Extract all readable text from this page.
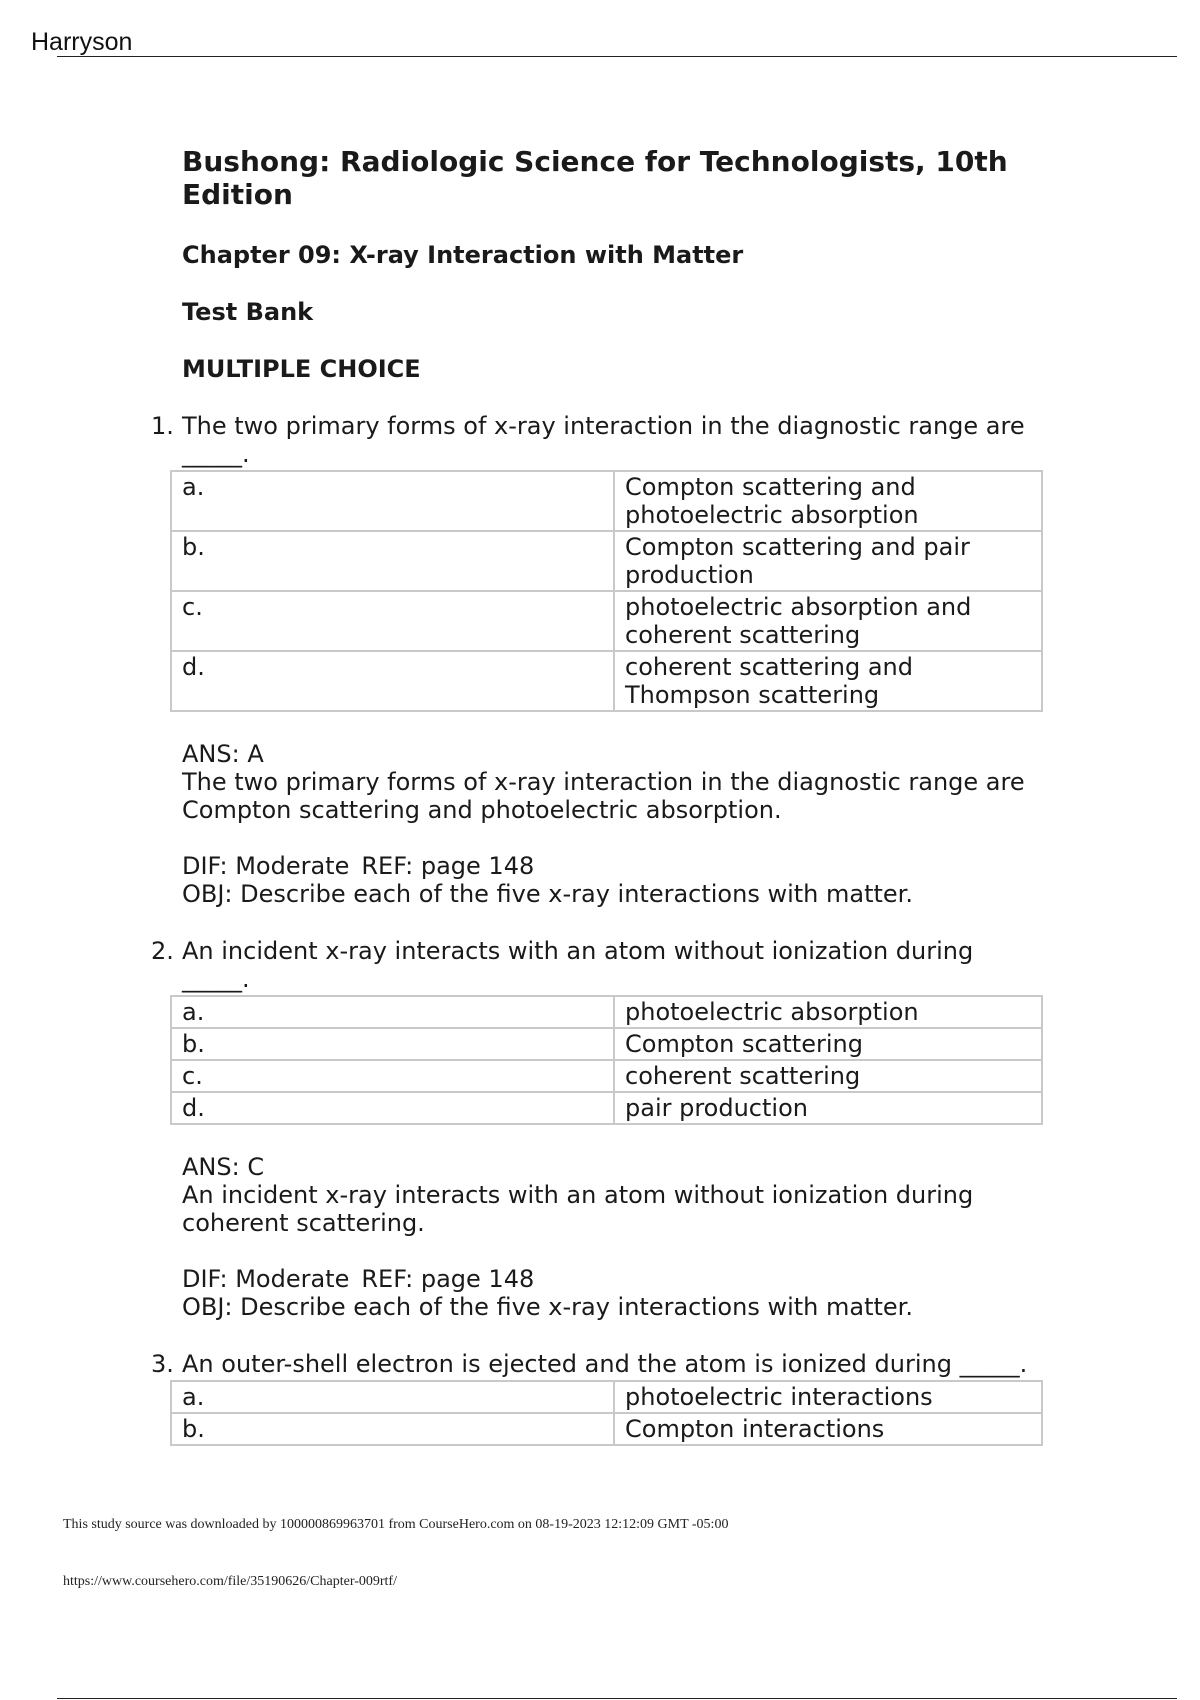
Harryson
Bushong: Radiologic Science for Technologists, 10th Edition
Chapter 09: X-ray Interaction with Matter
Test Bank
MULTIPLE CHOICE
1. The two primary forms of x-ray interaction in the diagnostic range are _____.
a.	Compton scattering and photoelectric absorption
b.	Compton scattering and pair production
c.	photoelectric absorption and coherent scattering
d.	coherent scattering and Thompson scattering
ANS: A
The two primary forms of x-ray interaction in the diagnostic range are Compton scattering and photoelectric absorption.
DIF: Moderate REF: page 148
OBJ: Describe each of the five x-ray interactions with matter.
2. An incident x-ray interacts with an atom without ionization during _____.
a.	photoelectric absorption
b.	Compton scattering
c.	coherent scattering
d.	pair production
ANS: C
An incident x-ray interacts with an atom without ionization during coherent scattering.
DIF: Moderate REF: page 148
OBJ: Describe each of the five x-ray interactions with matter.
3. An outer-shell electron is ejected and the atom is ionized during _____.
a.	photoelectric interactions
b.	Compton interactions
This study source was downloaded by 100000869963701 from CourseHero.com on 08-19-2023 12:12:09 GMT -05:00
https://www.coursehero.com/file/35190626/Chapter-009rtf/
